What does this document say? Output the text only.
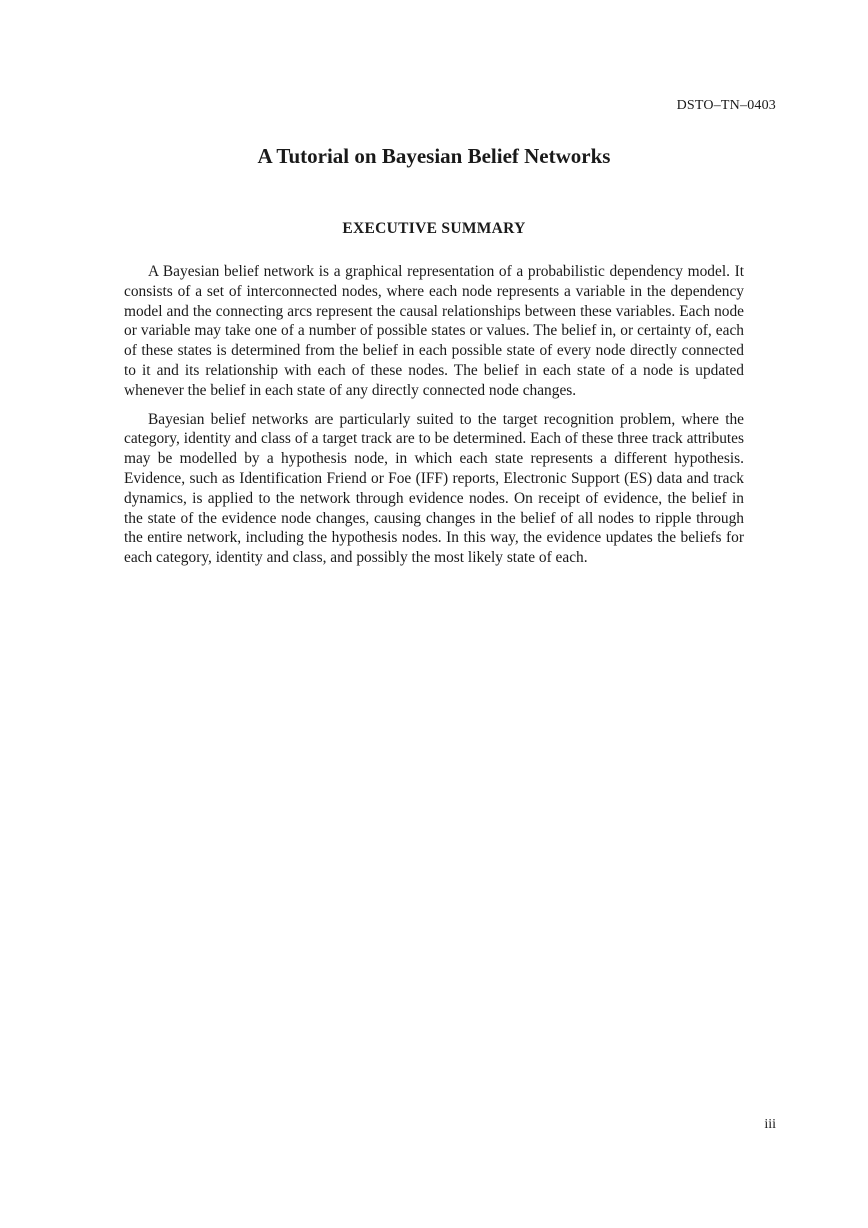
DSTO–TN–0403
A Tutorial on Bayesian Belief Networks
EXECUTIVE SUMMARY

A Bayesian belief network is a graphical representation of a probabilistic dependency model. It consists of a set of interconnected nodes, where each node represents a variable in the dependency model and the connecting arcs represent the causal relationships between these variables. Each node or variable may take one of a number of possible states or values. The belief in, or certainty of, each of these states is determined from the belief in each possible state of every node directly connected to it and its relationship with each of these nodes. The belief in each state of a node is updated whenever the belief in each state of any directly connected node changes.

Bayesian belief networks are particularly suited to the target recognition problem, where the category, identity and class of a target track are to be determined. Each of these three track attributes may be modelled by a hypothesis node, in which each state represents a different hypothesis. Evidence, such as Identification Friend or Foe (IFF) reports, Electronic Support (ES) data and track dynamics, is applied to the network through evidence nodes. On receipt of evidence, the belief in the state of the evidence node changes, causing changes in the belief of all nodes to ripple through the entire network, including the hypothesis nodes. In this way, the evidence updates the beliefs for each category, identity and class, and possibly the most likely state of each.

iii
